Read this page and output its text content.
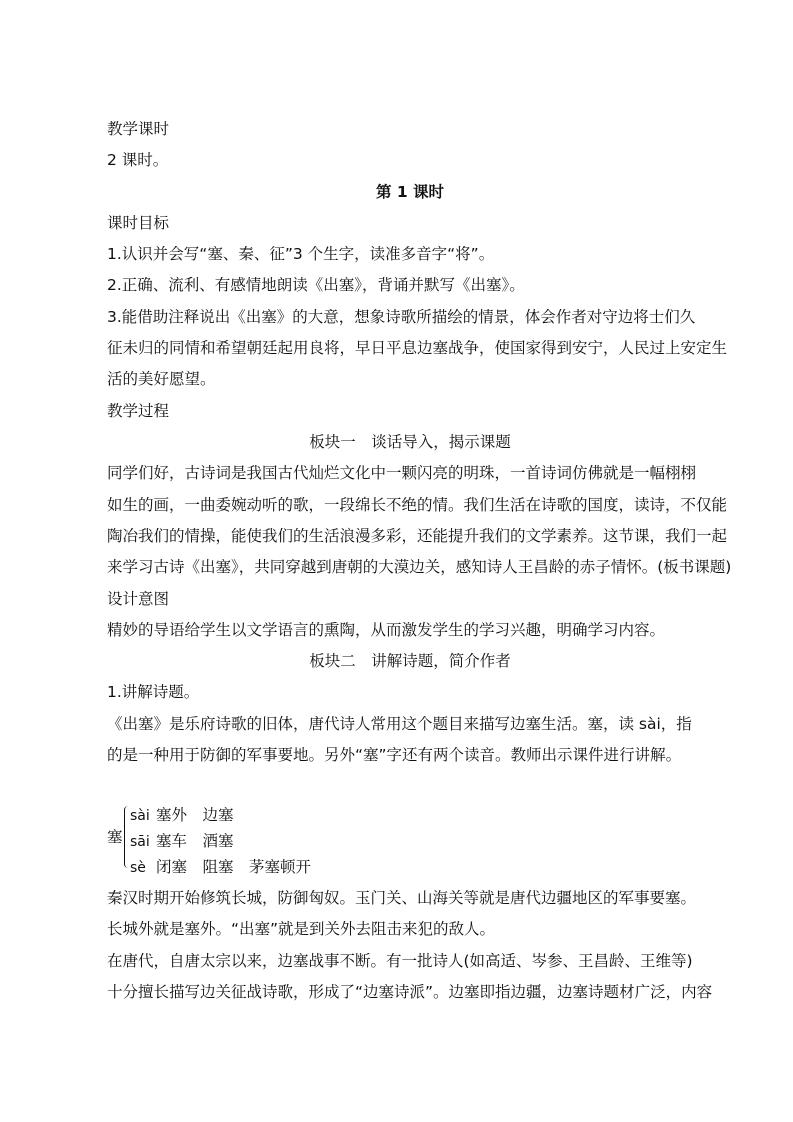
教学课时
2 课时。
第 1 课时
课时目标
1.认识并会写“塞、秦、征”3 个生字，读准多音字“将”。
2.正确、流利、有感情地朗读《出塞》，背诵并默写《出塞》。
3.能借助注释说出《出塞》的大意，想象诗歌所描绘的情景，体会作者对守边将士们久
征未归的同情和希望朝廷起用良将，早日平息边塞战争，使国家得到安宁，人民过上安定生
活的美好愿望。
教学过程
板块一　谈话导入，揭示课题
同学们好，古诗词是我国古代灿烂文化中一颗闪亮的明珠，一首诗词仿佛就是一幅栩栩
如生的画，一曲委婉动听的歌，一段绵长不绝的情。我们生活在诗歌的国度，读诗，不仅能
陶冶我们的情操，能使我们的生活浪漫多彩，还能提升我们的文学素养。这节课，我们一起
来学习古诗《出塞》，共同穿越到唐朝的大漠边关，感知诗人王昌龄的赤子情怀。(板书课题)
设计意图
精妙的导语给学生以文学语言的熏陶，从而激发学生的学习兴趣，明确学习内容。
板块二　讲解诗题，简介作者
1.讲解诗题。
《出塞》是乐府诗歌的旧体，唐代诗人常用这个题目来描写边塞生活。塞，读 sài，指
的是一种用于防御的军事要地。另外“塞”字还有两个读音。教师出示课件进行讲解。
塞
sài 塞外　边塞
sāi 塞车　酒塞
sè 闭塞　阻塞　茅塞顿开
秦汉时期开始修筑长城，防御匈奴。玉门关、山海关等就是唐代边疆地区的军事要塞。
长城外就是塞外。“出塞”就是到关外去阻击来犯的敌人。
在唐代，自唐太宗以来，边塞战事不断。有一批诗人(如高适、岑参、王昌龄、王维等)
十分擅长描写边关征战诗歌，形成了“边塞诗派”。边塞即指边疆，边塞诗题材广泛，内容
